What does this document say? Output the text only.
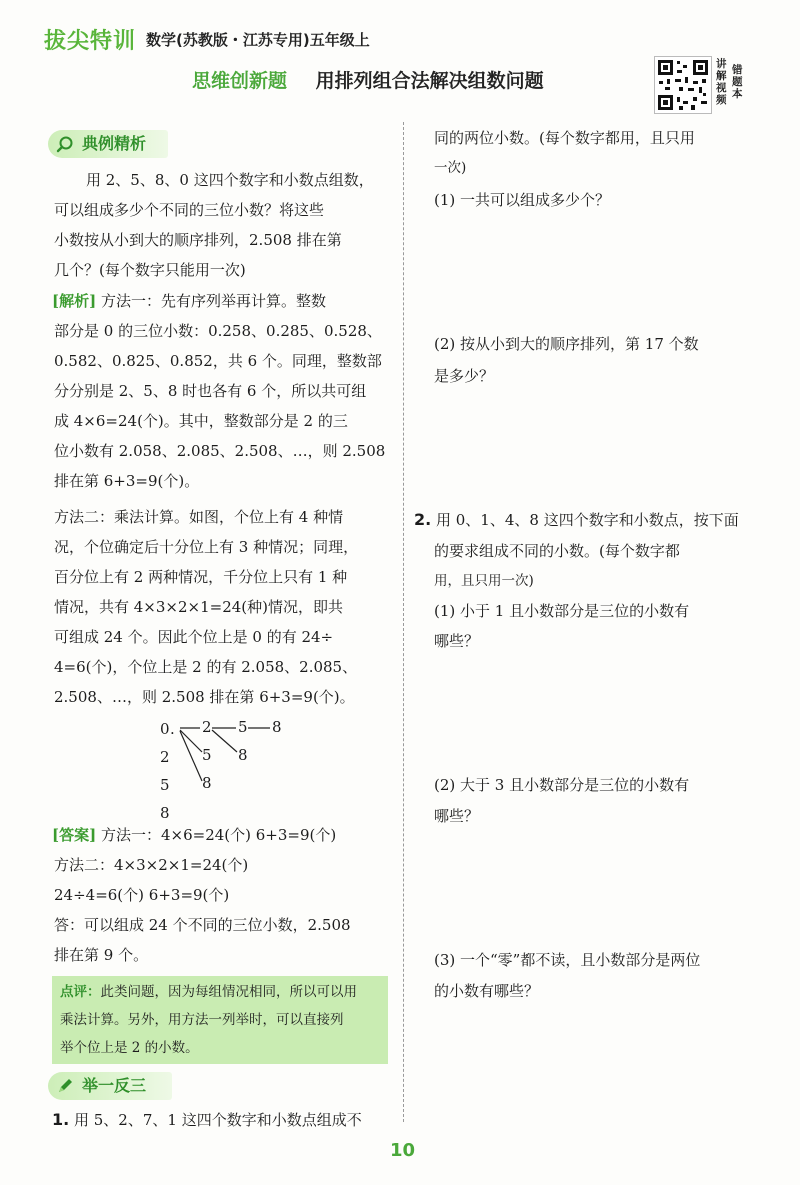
拔尖特训 数学(苏教版・江苏专用)五年级上
思维创新题 用排列组合法解决组数问题
讲解视频
错题本
典例精析
用 2、5、8、0 这四个数字和小数点组数，
可以组成多少个不同的三位小数？将这些
小数按从小到大的顺序排列，2.508 排在第
几个？(每个数字只能用一次)
[解析] 方法一：先有序列举再计算。整数
部分是 0 的三位小数：0.258、0.285、0.528、
0.582、0.825、0.852，共 6 个。同理，整数部
分分别是 2、5、8 时也各有 6 个，所以共可组
成 4×6=24(个)。其中，整数部分是 2 的三
位小数有 2.058、2.085、2.508、…，则 2.508
排在第 6+3=9(个)。
方法二：乘法计算。如图，个位上有 4 种情
况，个位确定后十分位上有 3 种情况；同理，
百分位上有 2 两种情况，千分位上只有 1 种
情况，共有 4×3×2×1=24(种)情况，即共
可组成 24 个。因此个位上是 0 的有 24÷
4=6(个)，个位上是 2 的有 2.058、2.085、
2.508、…，则 2.508 排在第 6+3=9(个)。
0 .
2
5
8
2
5
8
5
8
8
[答案] 方法一：4×6=24(个) 6+3=9(个)
方法二：4×3×2×1=24(个)
24÷4=6(个) 6+3=9(个)
答：可以组成 24 个不同的三位小数，2.508
排在第 9 个。
点评：此类问题，因为每组情况相同，所以可以用
乘法计算。另外，用方法一列举时，可以直接列
举个位上是 2 的小数。
举一反三
1. 用 5、2、7、1 这四个数字和小数点组成不
同的两位小数。(每个数字都用，且只用
一次)
(1) 一共可以组成多少个？
(2) 按从小到大的顺序排列，第 17 个数
是多少？
2. 用 0、1、4、8 这四个数字和小数点，按下面
的要求组成不同的小数。(每个数字都
用，且只用一次)
(1) 小于 1 且小数部分是三位的小数有
哪些？
(2) 大于 3 且小数部分是三位的小数有
哪些？
(3) 一个“零”都不读，且小数部分是两位
的小数有哪些？
10
